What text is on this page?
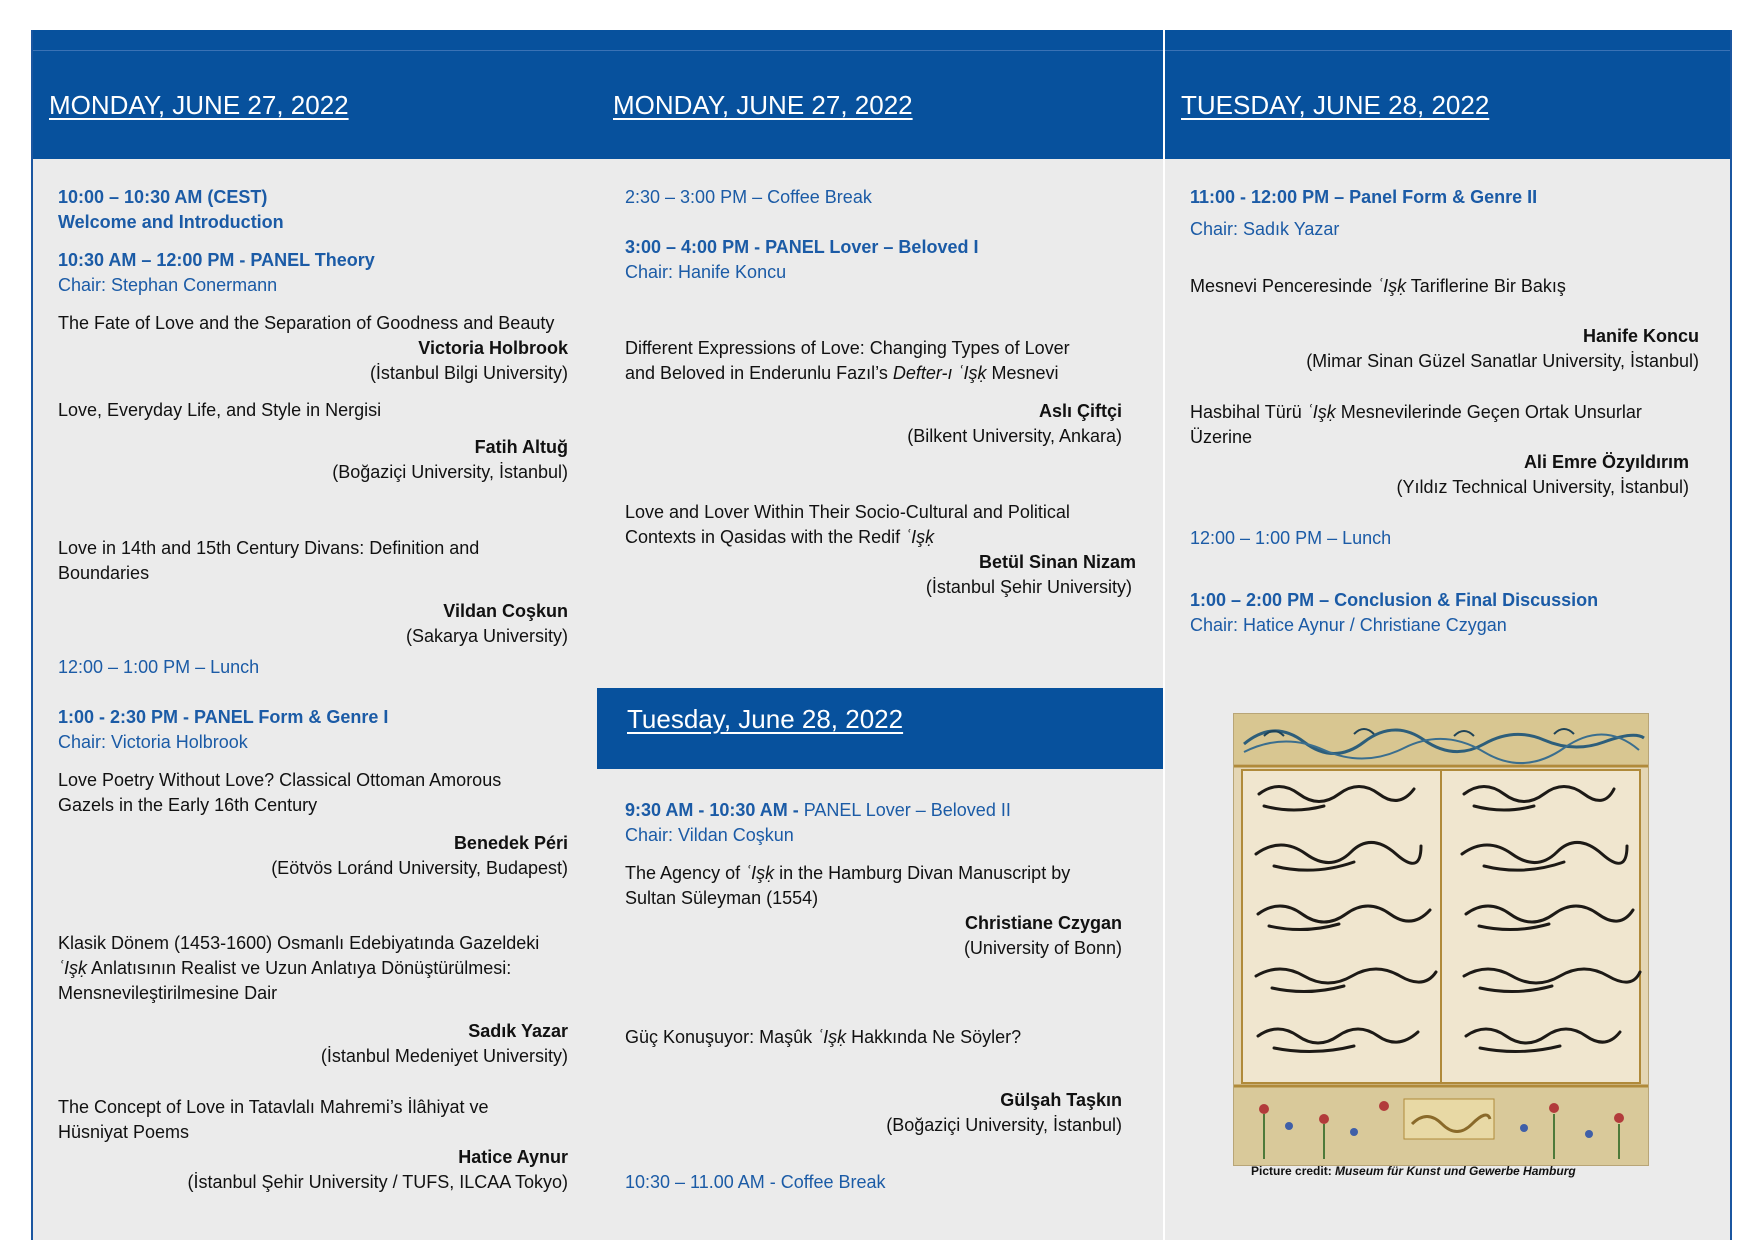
MONDAY, JUNE 27, 2022
10:00 – 10:30 AM (CEST)
Welcome and Introduction
10:30 AM – 12:00 PM - PANEL Theory
Chair: Stephan Conermann
The Fate of Love and the Separation of Goodness and Beauty
Victoria Holbrook
(İstanbul Bilgi University)
Love, Everyday Life, and Style in Nergisi
Fatih Altuğ
(Boğaziçi University, İstanbul)
Love in 14th and 15th Century Divans: Definition and
Boundaries
Vildan Coşkun
(Sakarya University)
12:00 – 1:00 PM – Lunch
1:00 - 2:30 PM - PANEL Form & Genre I
Chair: Victoria Holbrook
Love Poetry Without Love? Classical Ottoman Amorous
Gazels in the Early 16th Century
Benedek Péri
(Eötvös Loránd University, Budapest)
Klasik Dönem (1453-1600) Osmanlı Edebiyatında Gazeldeki
ʿIşḳ Anlatısının Realist ve Uzun Anlatıya Dönüştürülmesi:
Mensnevileştirilmesine Dair
Sadık Yazar
(İstanbul Medeniyet University)
The Concept of Love in Tatavlalı Mahremi’s İlâhiyat ve
Hüsniyat Poems
Hatice Aynur
(İstanbul Şehir University / TUFS, ILCAA Tokyo)
MONDAY, JUNE 27, 2022
2:30 – 3:00 PM – Coffee Break
3:00 – 4:00 PM - PANEL Lover – Beloved I
Chair: Hanife Koncu
Different Expressions of Love: Changing Types of Lover
and Beloved in Enderunlu Fazıl’s Defter-ı ʿIşḳ Mesnevi
Aslı Çiftçi
(Bilkent University, Ankara)
Love and Lover Within Their Socio-Cultural and Political
Contexts in Qasidas with the Redif ʿIşḳ
Betül Sinan Nizam
(İstanbul Şehir University)
Tuesday, June 28, 2022
9:30 AM - 10:30 AM - PANEL Lover – Beloved II
Chair: Vildan Coşkun
The Agency of ʿIşḳ in the Hamburg Divan Manuscript by
Sultan Süleyman (1554)
Christiane Czygan
(University of Bonn)
Güç Konuşuyor: Maşûk ʿIşḳ Hakkında Ne Söyler?
Gülşah Taşkın
(Boğaziçi University, İstanbul)
10:30 – 11.00 AM - Coffee Break
TUESDAY, JUNE 28, 2022
11:00 - 12:00 PM – Panel Form & Genre II
Chair: Sadık Yazar
Mesnevi Penceresinde ʿIşḳ Tariflerine Bir Bakış
Hanife Koncu
(Mimar Sinan Güzel Sanatlar University, İstanbul)
Hasbihal Türü ʿIşḳ Mesnevilerinde Geçen Ortak Unsurlar
Üzerine
Ali Emre Özyıldırım
(Yıldız Technical University, İstanbul)
12:00 – 1:00 PM – Lunch
1:00 – 2:00 PM – Conclusion & Final Discussion
Chair: Hatice Aynur / Christiane Czygan
Picture credit: Museum für Kunst und Gewerbe Hamburg
